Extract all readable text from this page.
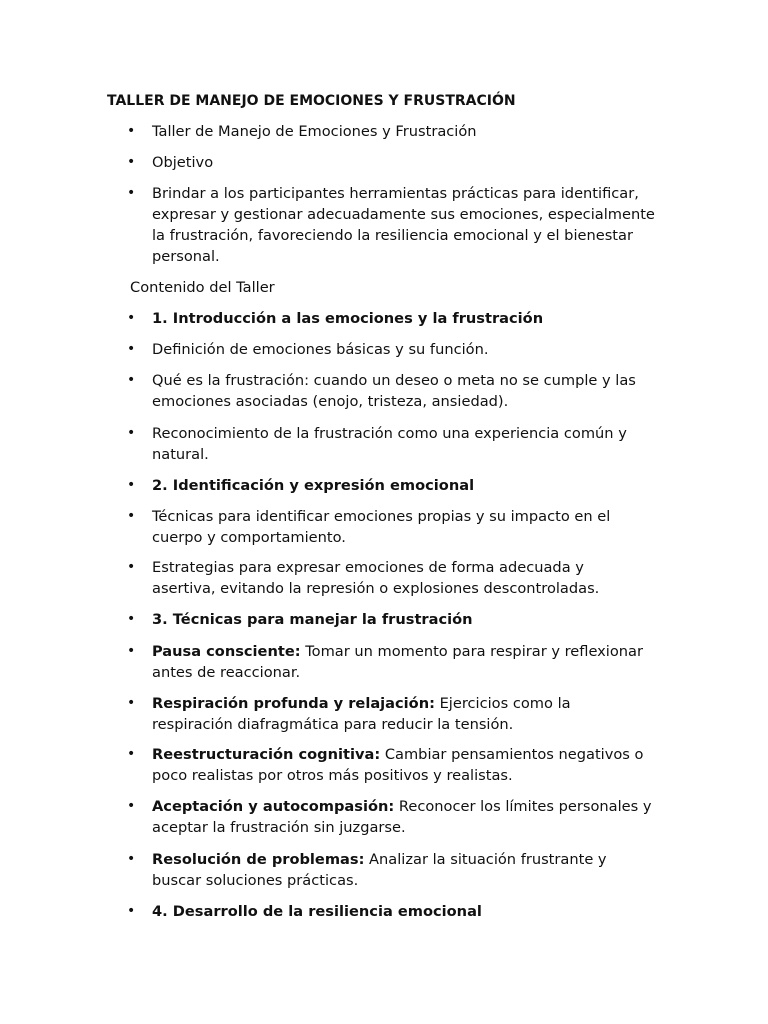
TALLER DE MANEJO DE EMOCIONES Y FRUSTRACIÓN
• Taller de Manejo de Emociones y Frustración
• Objetivo
• Brindar a los participantes herramientas prácticas para identificar, expresar y gestionar adecuadamente sus emociones, especialmente la frustración, favoreciendo la resiliencia emocional y el bienestar personal.
Contenido del Taller
• 1. Introducción a las emociones y la frustración
• Definición de emociones básicas y su función.
• Qué es la frustración: cuando un deseo o meta no se cumple y las emociones asociadas (enojo, tristeza, ansiedad).
• Reconocimiento de la frustración como una experiencia común y natural.
• 2. Identificación y expresión emocional
• Técnicas para identificar emociones propias y su impacto en el cuerpo y comportamiento.
• Estrategias para expresar emociones de forma adecuada y asertiva, evitando la represión o explosiones descontroladas.
• 3. Técnicas para manejar la frustración
• Pausa consciente: Tomar un momento para respirar y reflexionar antes de reaccionar.
• Respiración profunda y relajación: Ejercicios como la respiración diafragmática para reducir la tensión.
• Reestructuración cognitiva: Cambiar pensamientos negativos o poco realistas por otros más positivos y realistas.
• Aceptación y autocompasión: Reconocer los límites personales y aceptar la frustración sin juzgarse.
• Resolución de problemas: Analizar la situación frustrante y buscar soluciones prácticas.
• 4. Desarrollo de la resiliencia emocional
